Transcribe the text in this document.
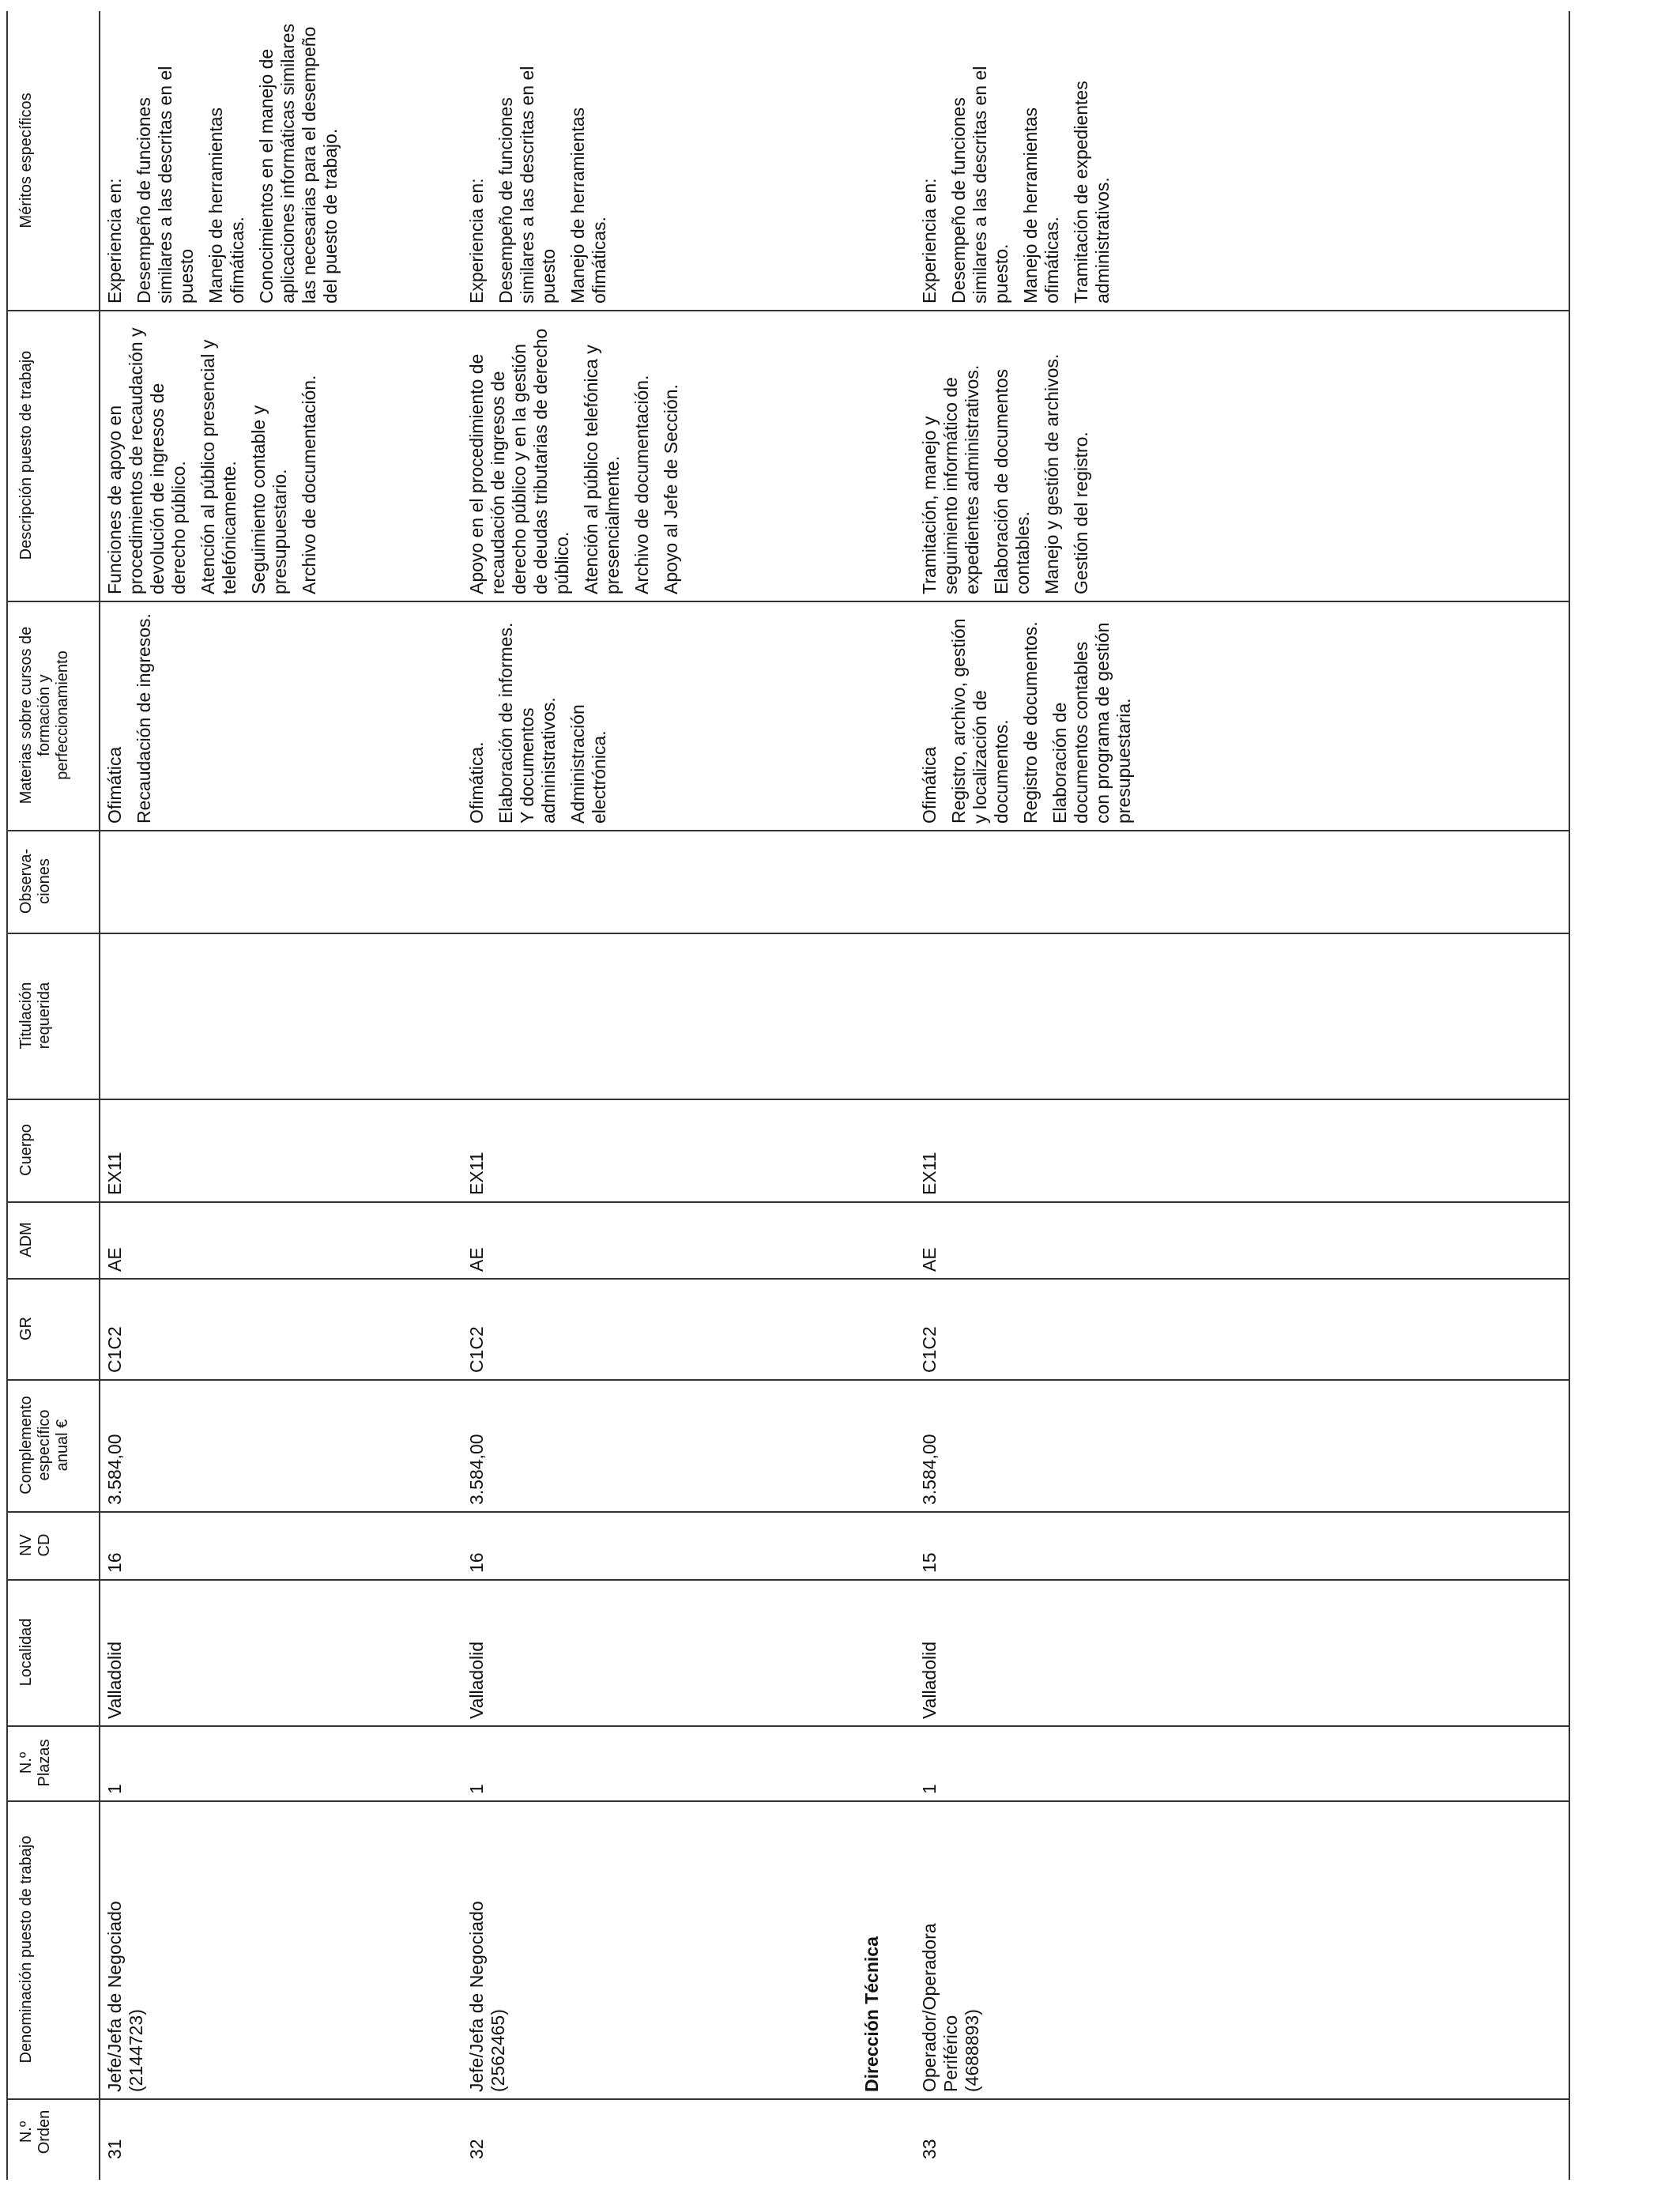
N.º Orden
Denominación puesto de trabajo
N.º Plazas
Localidad
NV CD
Complemento específico anual €
GR
ADM
Cuerpo
Titulación requerida
Observa- ciones
Materias sobre cursos de formación y perfeccionamiento
Descripción puesto de trabajo
Méritos específicos
31

Jefe/Jefa de Negociado (2144723)

1
Valladolid
16
3.584,00
C1C2
AE
EX11

Ofimática Recaudación de ingresos.

Funciones de apoyo en procedimientos de recaudación y devolución de ingresos de derecho público. Atención al público presencial y telefónicamente. Seguimiento contable y presupuestario. Archivo de documentación.

Experiencia en: Desempeño de funciones similares a las descritas en el puesto Manejo de herramientas ofimáticas. Conocimientos en el manejo de aplicaciones informáticas similares las necesarias para el desempeño del puesto de trabajo.

32

Jefe/Jefa de Negociado (2562465)

1
Valladolid
16
3.584,00
C1C2
AE
EX11

Ofimática. Elaboración de informes. Y documentos administrativos. Administración electrónica.

Apoyo en el procedimiento de recaudación de ingresos de derecho público y en la gestión de deudas tributarias de derecho público. Atención al público telefónica y presencialmente. Archivo de documentación. Apoyo al Jefe de Sección.

Experiencia en: Desempeño de funciones similares a las descritas en el puesto Manejo de herramientas ofimáticas.

33

Operador/Operadora Periférico (4688893)

1
Valladolid
15
3.584,00
C1C2
AE
EX11

Ofimática Registro, archivo, gestión y localización de documentos. Registro de documentos. Elaboración de documentos contables con programa de gestión presupuestaria.

Tramitación, manejo y seguimiento informático de expedientes administrativos. Elaboración de documentos contables. Manejo y gestión de archivos. Gestión del registro.

Experiencia en: Desempeño de funciones similares a las descritas en el puesto. Manejo de herramientas ofimáticas. Tramitación de expedientes administrativos.

Dirección Técnica
